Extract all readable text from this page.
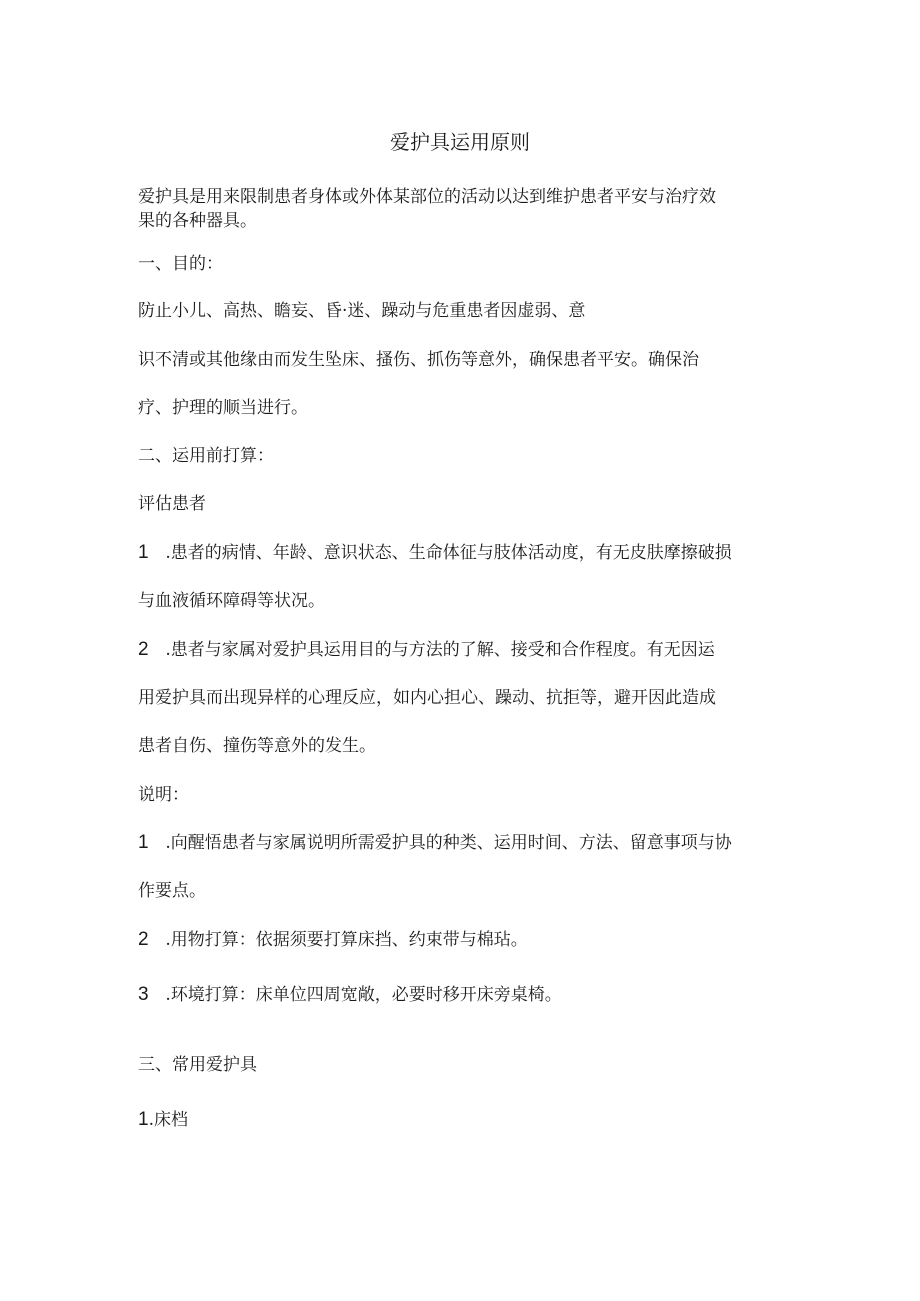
爱护具运用原则

爱护具是用来限制患者身体或外体某部位的活动以达到维护患者平安与治疗效

果的各种器具。

一、目的：

防止小儿、高热、瞻妄、昏·迷、躁动与危重患者因虚弱、意

识不清或其他缘由而发生坠床、搔伤、抓伤等意外，确保患者平安。确保治

疗、护理的顺当进行。

二、运用前打算：

评估患者

1 .患者的病情、年龄、意识状态、生命体征与肢体活动度，有无皮肤摩擦破损

与血液循环障碍等状况。

2 .患者与家属对爱护具运用目的与方法的了解、接受和合作程度。有无因运

用爱护具而出现异样的心理反应，如内心担心、躁动、抗拒等，避开因此造成

患者自伤、撞伤等意外的发生。

说明：

1 .向醒悟患者与家属说明所需爱护具的种类、运用时间、方法、留意事项与协

作要点。

2 .用物打算：依据须要打算床挡、约束带与棉玷。

3 .环境打算：床单位四周宽敞，必要时移开床旁桌椅。

三、常用爱护具

1.床档
